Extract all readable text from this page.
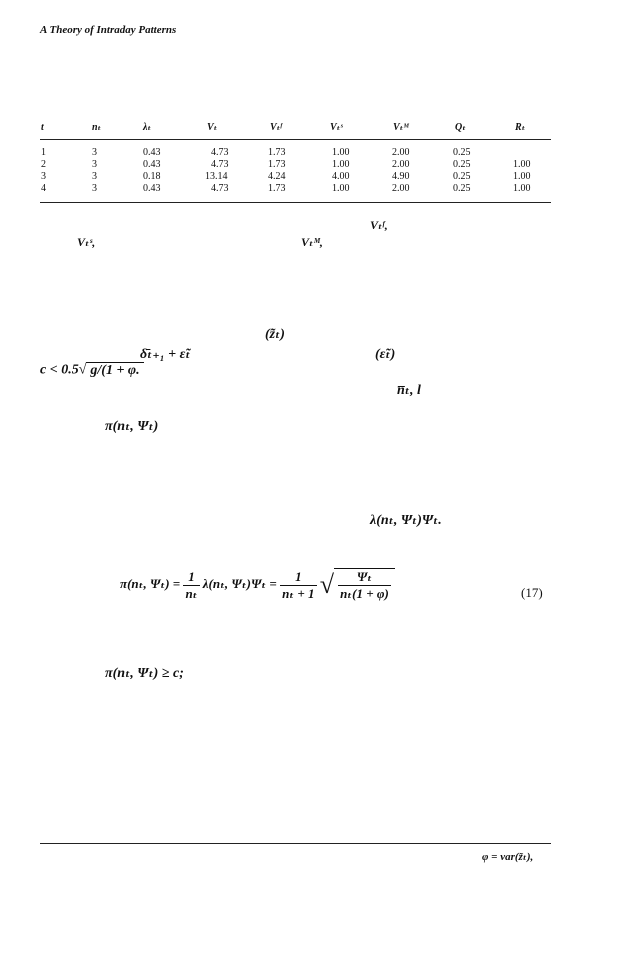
A Theory of Intraday Patterns
t	nₜ	λₜ	Vₜ	Vₜᶠ	Vₜˢ	Vₜᴹ	Qₜ	Rₜ
1	3	0.43	4.73	1.73	1.00	2.00	0.25
2	3	0.43	4.73	1.73	1.00	2.00	0.25	1.00
3	3	0.18	13.14	4.24	4.00	4.90	0.25	1.00
4	3	0.43	4.73	1.73	1.00	2.00	0.25	1.00
Vₜᶠ,
Vₜˢ,	Vₜᴹ,
(z̃ₜ)
δ̄ₜ₊₁ + ε̃ₜ	(ε̃ₜ)
c < 0.5√ g/(1 + φ.
n̅ₜ, l
π(nₜ, Ψₜ)
λ(nₜ, Ψₜ)Ψₜ.
π(nₜ, $\Psi_t) = \frac{1}{\text{nₜ}} \lambda(n_t$, $\Psi_t)\Psi_t = \frac{1}{\text{nₜ + 1}}$ √ $\frac{\text{Ψₜ}}{\text{nₜ(1 + φ)}}$	(17)
π(nₜ, Ψₜ) ≥ c;
φ = var(z̃ₜ),
